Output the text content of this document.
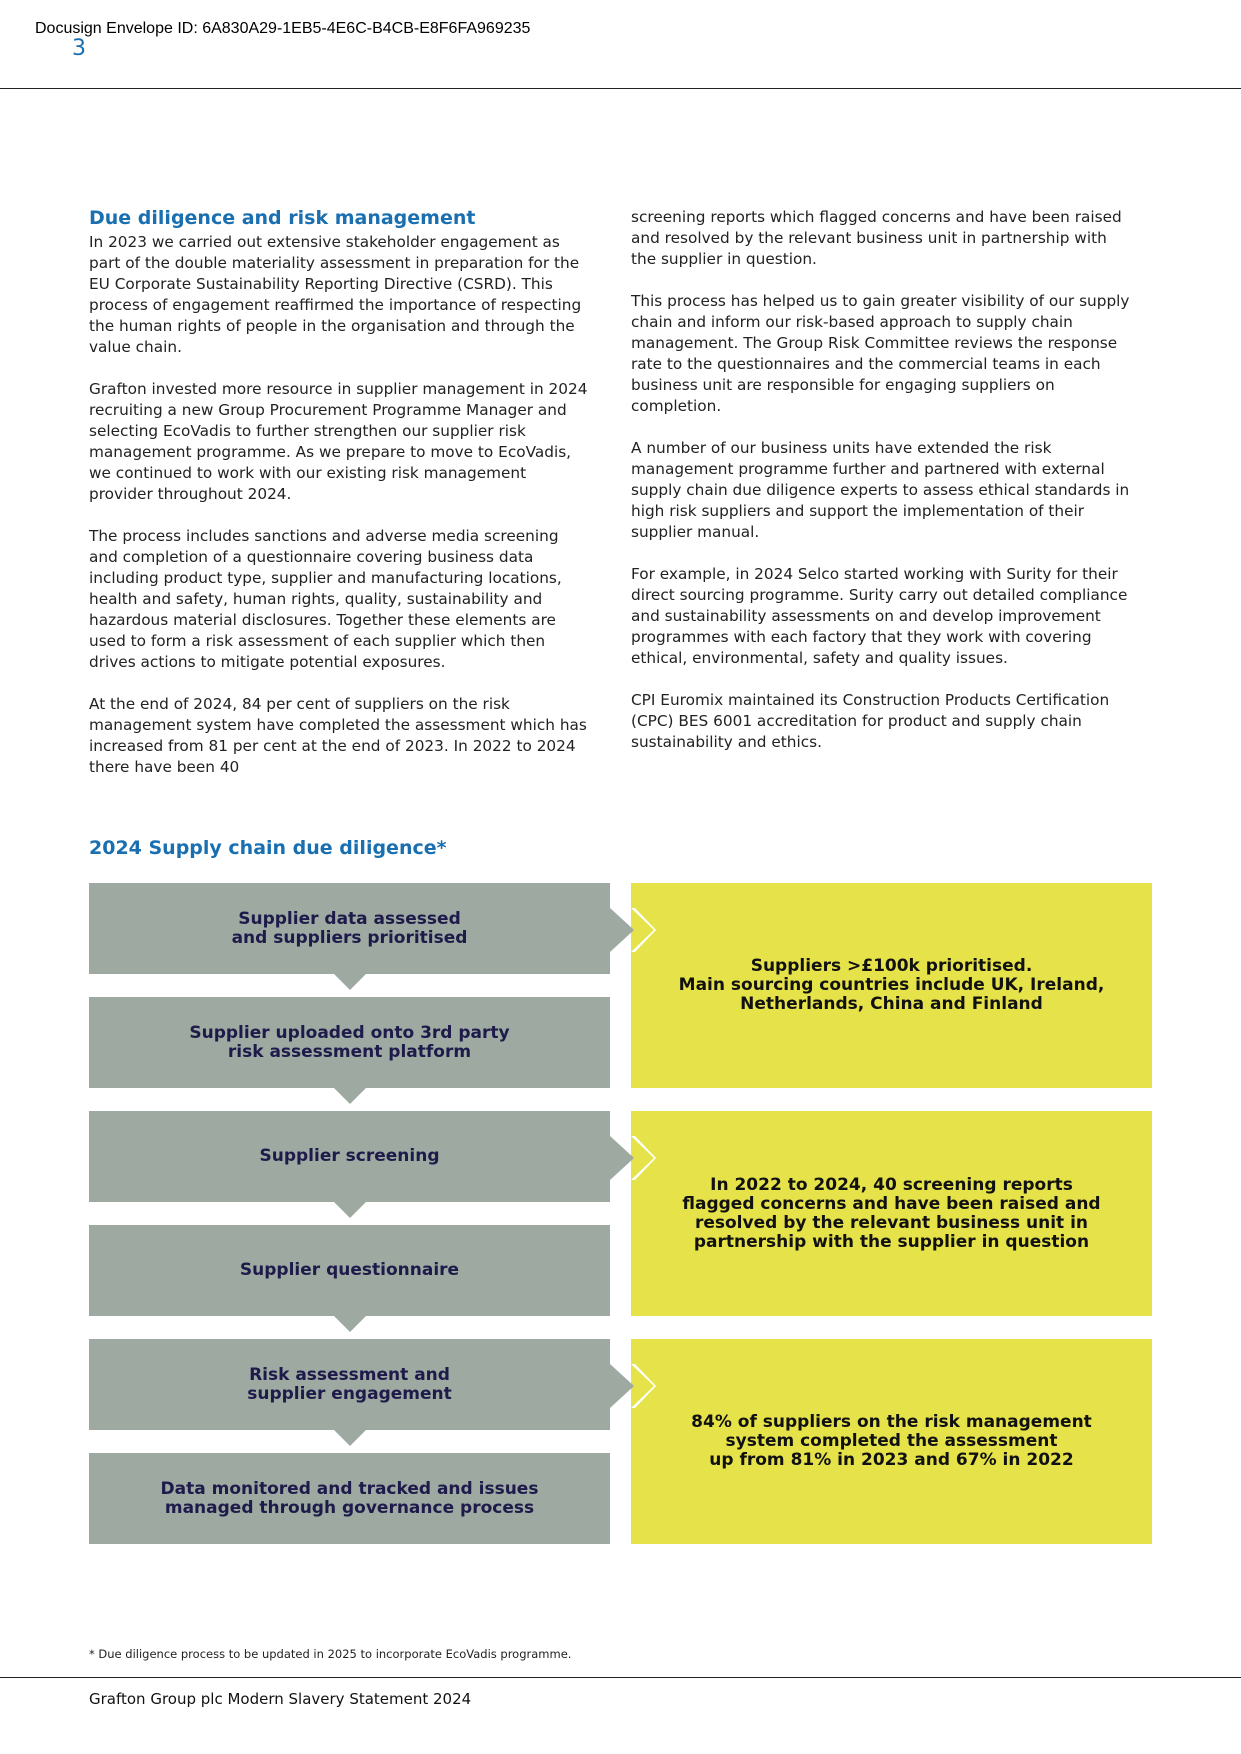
Docusign Envelope ID: 6A830A29-1EB5-4E6C-B4CB-E8F6FA969235
3
Due diligence and risk management

In 2023 we carried out extensive stakeholder engagement as part of the double materiality assessment in preparation for the EU Corporate Sustainability Reporting Directive (CSRD). This process of engagement reaffirmed the importance of respecting the human rights of people in the organisation and through the value chain.

Grafton invested more resource in supplier management in 2024 recruiting a new Group Procurement Programme Manager and selecting EcoVadis to further strengthen our supplier risk management programme. As we prepare to move to EcoVadis, we continued to work with our existing risk management provider throughout 2024.

The process includes sanctions and adverse media screening and completion of a questionnaire covering business data including product type, supplier and manufacturing locations, health and safety, human rights, quality, sustainability and hazardous material disclosures. Together these elements are used to form a risk assessment of each supplier which then drives actions to mitigate potential exposures.

At the end of 2024, 84 per cent of suppliers on the risk management system have completed the assessment which has increased from 81 per cent at the end of 2023. In 2022 to 2024 there have been 40

screening reports which flagged concerns and have been raised and resolved by the relevant business unit in partnership with the supplier in question.

This process has helped us to gain greater visibility of our supply chain and inform our risk-based approach to supply chain management. The Group Risk Committee reviews the response rate to the questionnaires and the commercial teams in each business unit are responsible for engaging suppliers on completion.

A number of our business units have extended the risk management programme further and partnered with external supply chain due diligence experts to assess ethical standards in high risk suppliers and support the implementation of their supplier manual.

For example, in 2024 Selco started working with Surity for their direct sourcing programme. Surity carry out detailed compliance and sustainability assessments on and develop improvement programmes with each factory that they work with covering ethical, environmental, safety and quality issues.

CPI Euromix maintained its Construction Products Certification (CPC) BES 6001 accreditation for product and supply chain sustainability and ethics.

2024 Supply chain due diligence*
Supplier data assessed
and suppliers prioritised
Supplier uploaded onto 3rd party
risk assessment platform
Supplier screening
Supplier questionnaire
Risk assessment and
supplier engagement
Data monitored and tracked and issues
managed through governance process
Suppliers >£100k prioritised.
Main sourcing countries include UK, Ireland,
Netherlands, China and Finland
In 2022 to 2024, 40 screening reports
flagged concerns and have been raised and
resolved by the relevant business unit in
partnership with the supplier in question
84% of suppliers on the risk management
system completed the assessment
up from 81% in 2023 and 67% in 2022
* Due diligence process to be updated in 2025 to incorporate EcoVadis programme.
Grafton Group plc Modern Slavery Statement 2024
